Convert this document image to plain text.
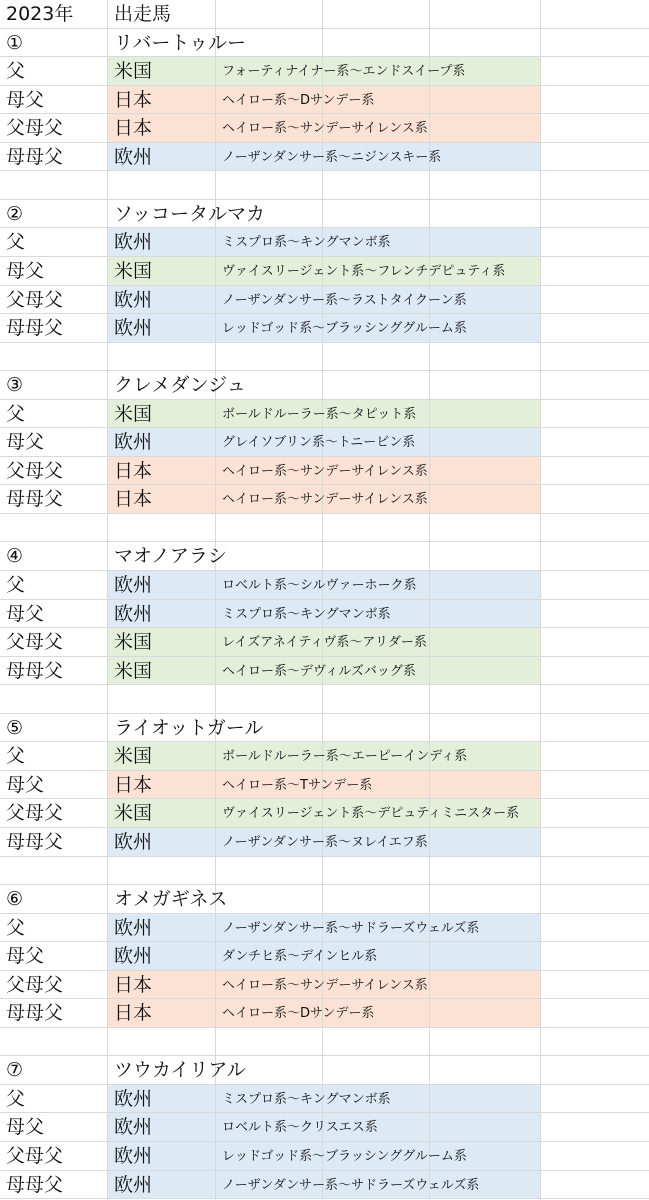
2023年 出走馬
①	リバートゥルー
父	米国	フォーティナイナー系～エンドスイープ系
母父	日本	ヘイロー系～Dサンデー系
父母父	日本	ヘイロー系～サンデーサイレンス系
母母父	欧州	ノーザンダンサー系～ニジンスキー系
②	ソッコータルマカ
父	欧州	ミスプロ系～キングマンボ系
母父	米国	ヴァイスリージェント系～フレンチデピュティ系
父母父	欧州	ノーザンダンサー系～ラストタイクーン系
母母父	欧州	レッドゴッド系～ブラッシンググルーム系
③	クレメダンジュ
父	米国	ボールドルーラー系～タピット系
母父	欧州	グレイソブリン系～トニービン系
父母父	日本	ヘイロー系～サンデーサイレンス系
母母父	日本	ヘイロー系～サンデーサイレンス系
④	マオノアラシ
父	欧州	ロベルト系～シルヴァーホーク系
母父	欧州	ミスプロ系～キングマンボ系
父母父	米国	レイズアネイティヴ系～アリダー系
母母父	米国	ヘイロー系～デヴィルズバッグ系
⑤	ライオットガール
父	米国	ボールドルーラー系～エーピーインディ系
母父	日本	ヘイロー系～Tサンデー系
父母父	米国	ヴァイスリージェント系～デピュティミニスター系
母母父	欧州	ノーザンダンサー系～ヌレイエフ系
⑥	オメガギネス
父	欧州	ノーザンダンサー系～サドラーズウェルズ系
母父	欧州	ダンチヒ系～デインヒル系
父母父	日本	ヘイロー系～サンデーサイレンス系
母母父	日本	ヘイロー系～Dサンデー系
⑦	ツウカイリアル
父	欧州	ミスプロ系～キングマンボ系
母父	欧州	ロベルト系～クリスエス系
父母父	欧州	レッドゴッド系～ブラッシンググルーム系
母母父	欧州	ノーザンダンサー系～サドラーズウェルズ系
